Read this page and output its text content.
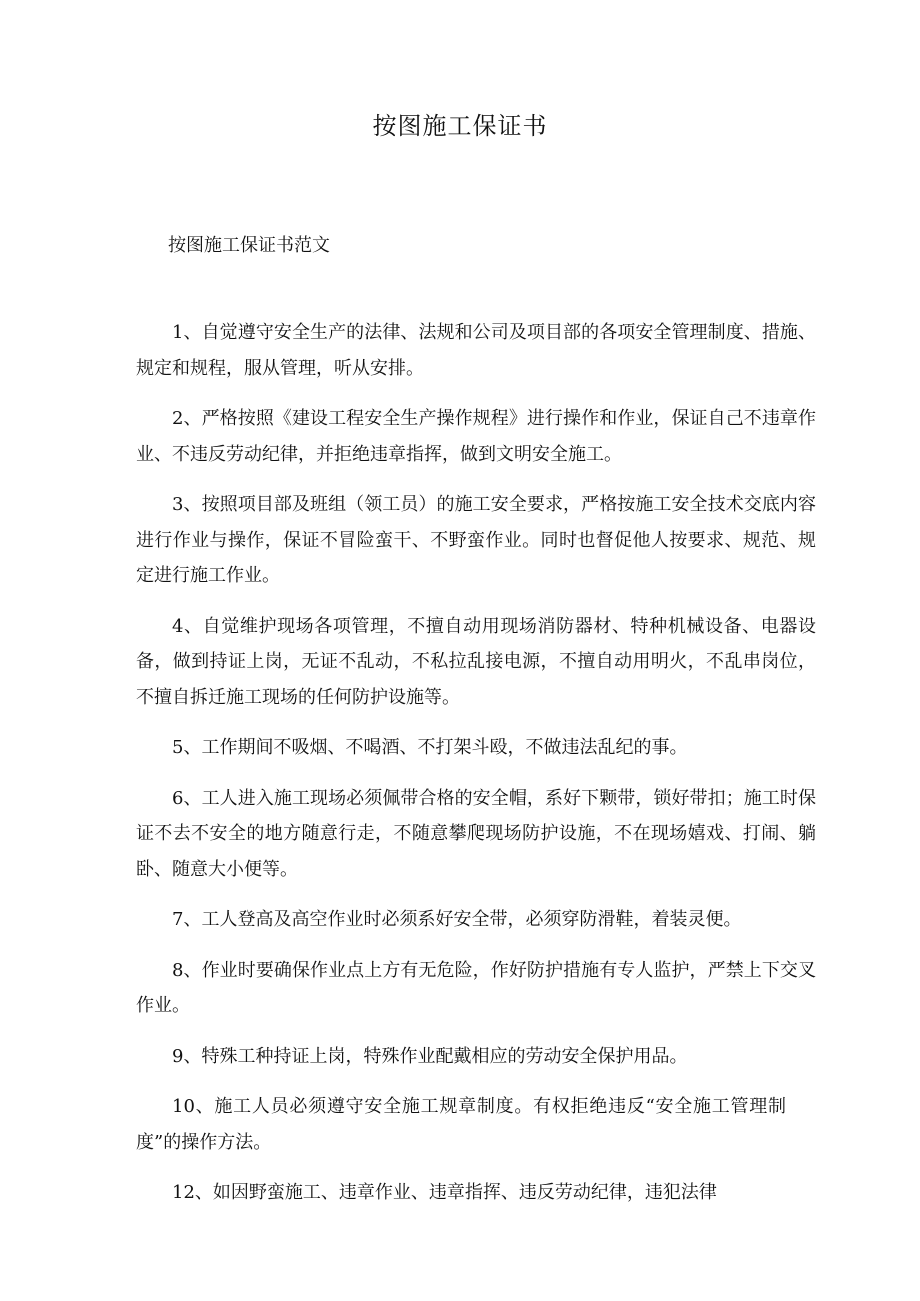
按图施工保证书
按图施工保证书范文

1、自觉遵守安全生产的法律、法规和公司及项目部的各项安全管理制度、措施、规定和规程，服从管理，听从安排。

2、严格按照《建设工程安全生产操作规程》进行操作和作业，保证自己不违章作业、不违反劳动纪律，并拒绝违章指挥，做到文明安全施工。

3、按照项目部及班组（领工员）的施工安全要求，严格按施工安全技术交底内容进行作业与操作，保证不冒险蛮干、不野蛮作业。同时也督促他人按要求、规范、规定进行施工作业。

4、自觉维护现场各项管理，不擅自动用现场消防器材、特种机械设备、电器设备，做到持证上岗，无证不乱动，不私拉乱接电源，不擅自动用明火，不乱串岗位，不擅自拆迁施工现场的任何防护设施等。

5、工作期间不吸烟、不喝酒、不打架斗殴，不做违法乱纪的事。

6、工人进入施工现场必须佩带合格的安全帽，系好下颗带，锁好带扣；施工时保证不去不安全的地方随意行走，不随意攀爬现场防护设施，不在现场嬉戏、打闹、躺卧、随意大小便等。

7、工人登高及高空作业时必须系好安全带，必须穿防滑鞋，着装灵便。

8、作业时要确保作业点上方有无危险，作好防护措施有专人监护，严禁上下交叉作业。

9、特殊工种持证上岗，特殊作业配戴相应的劳动安全保护用品。

10、施工人员必须遵守安全施工规章制度。有权拒绝违反“安全施工管理制度”的操作方法。

12、如因野蛮施工、违章作业、违章指挥、违反劳动纪律，违犯法律
